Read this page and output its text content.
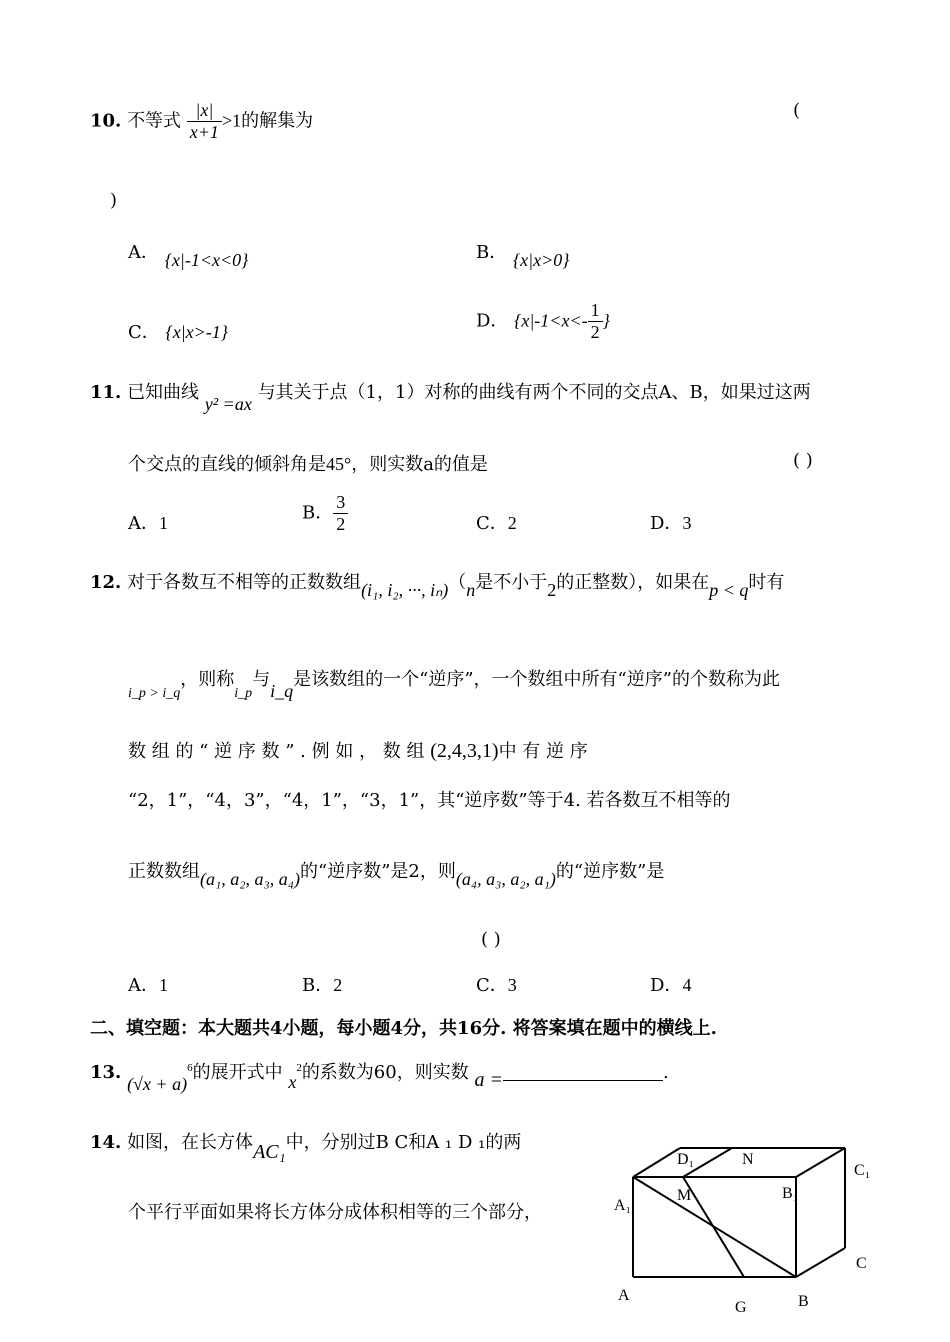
10. 不等式 $\frac{|x|}{x+1} >1$的解集为	(
)
A． {x|-1<x<0}	B． {x|x>0}
C． {x|x>-1}
D． {$x|-1<x<- \frac{1}{2}$ }
11. 已知曲线 y² =ax 与其关于点（1，1）对称的曲线有两个不同的交点A、B，如果过这两
个交点的直线的倾斜角是45°，则实数a的值是	( )
A．1	B． $\frac{3}{2}$	C．2	D．3
12. 对于各数互不相等的正数数组(i₁, i₂, ···, iₙ)（n是不小于2的正整数），如果在p < q时有
$_{i\_p > i\_q}$，则称$_{i\_p}$与i_q是该数组的一个“逆序”，一个数组中所有“逆序”的个数称为此
数 组 的 “ 逆 序 数 ” . 例 如 ， 数 组 (2,4,3,1)中 有 逆 序
“2，1”，“4，3”，“4，1”，“3，1”，其“逆序数”等于4. 若各数互不相等的
正数数组(a₁, a₂, a₃, a₄)的“逆序数”是2，则(a₄, a₃, a₂, a₁)的“逆序数”是
( )
A．1	B．2	C．3	D．4
二、填空题：本大题共4小题，每小题4分，共16分. 将答案填在题中的横线上.
13. $(√x + a)^6$的展开式中 $x^2$的系数为60，则实数 a =	.
14. 如图，在长方体AC₁中，分别过B C和A ₁ D ₁的两
个平行平面如果将长方体分成体积相等的三个部分，
D₁	N
C₁
A₁
M	B₁
C
A
G	B
